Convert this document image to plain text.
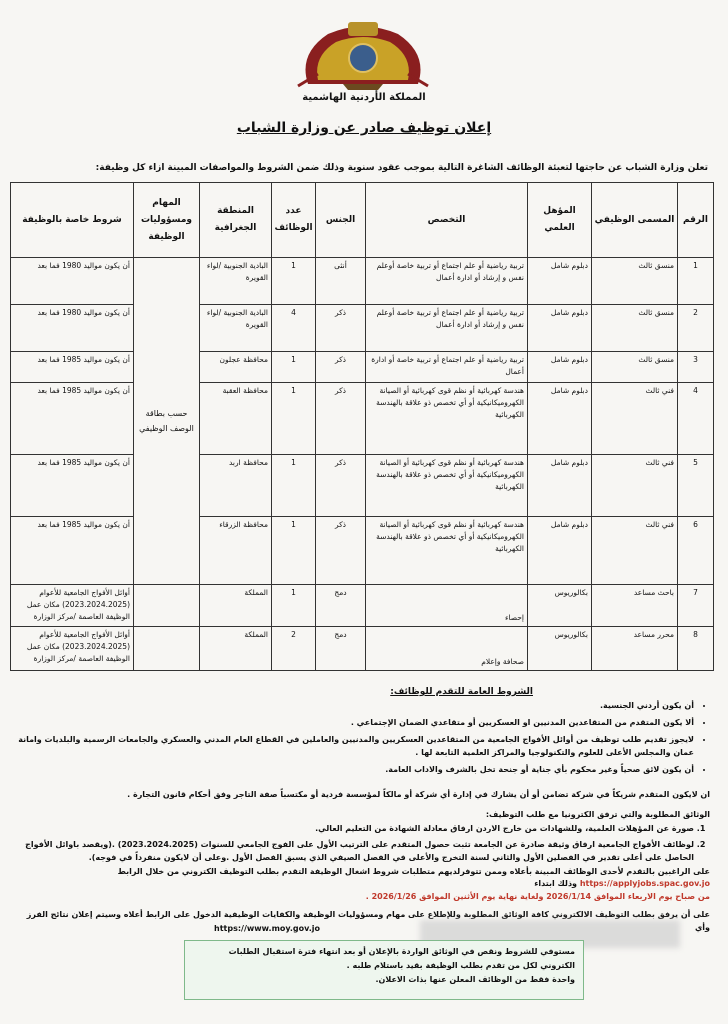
المملكة الأردنية الهاشمية
إعلان توظيف صادر عن وزارة الشباب
تعلن وزارة الشباب عن حاجتها لتعبئة الوظائف الشاغرة التالية بموجب عقود سنوية وذلك ضمن الشروط والمواصفات المبينة ازاء كل وظيفة:
الرقم	المسمى الوظيفي	المؤهل العلمي	التخصص	الجنس	عدد الوظائف	المنطقة الجغرافية	المهام ومسؤوليات الوظيفة	شروط خاصة بالوظيفة
1	منسق ثالث	دبلوم شامل	تربية رياضية أو علم اجتماع أو تربية خاصة أوعلم نفس و إرشاد أو ادارة أعمال	أنثى	1	البادية الجنوبية /لواء القويرة	حسب بطاقة الوصف الوظيفي	أن يكون مواليد 1980 فما بعد
2	منسق ثالث	دبلوم شامل	تربية رياضية أو علم اجتماع أو تربية خاصة أوعلم نفس و إرشاد أو ادارة أعمال	ذكر	4	البادية الجنوبية /لواء القويرة		أن يكون مواليد 1980 فما بعد
3	منسق ثالث	دبلوم شامل	تربية رياضية أو علم اجتماع أو تربية خاصة أو ادارة أعمال	ذكر	1	محافظة عجلون		أن يكون مواليد 1985 فما بعد
4	فني ثالث	دبلوم شامل	هندسة كهربائية أو نظم قوى كهربائية أو الصيانة الكهروميكانيكية أو أي تخصص ذو علاقة بالهندسة الكهربائية	ذكر	1	محافظة العقبة		أن يكون مواليد 1985 فما بعد
5	فني ثالث	دبلوم شامل	هندسة كهربائية أو نظم قوى كهربائية أو الصيانة الكهروميكانيكية أو أي تخصص ذو علاقة بالهندسة الكهربائية	ذكر	1	محافظة اربد		أن يكون مواليد 1985 فما بعد
6	فني ثالث	دبلوم شامل	هندسة كهربائية أو نظم قوى كهربائية أو الصيانة الكهروميكانيكية أو أي تخصص ذو علاقة بالهندسة الكهربائية	ذكر	1	محافظة الزرقاء		أن يكون مواليد 1985 فما بعد
7	باحث مساعد	بكالوريوس	إحصاء	دمج	1	المملكة		أوائل الأفواج الجامعية للأعوام (2023.2024.2025) مكان عمل الوظيفة العاصمة /مركز الوزارة
8	محرر مساعد	بكالوريوس	صحافة وإعلام	دمج	2	المملكة		أوائل الأفواج الجامعية للأعوام (2023.2024.2025) مكان عمل الوظيفة العاصمة /مركز الوزارة
الشروط العامة للتقدم للوظائف:
• أن يكون أردني الجنسية.
• ألا يكون المتقدم من المتقاعدين المدنيين او العسكريين أو متقاعدي الضمان الإجتماعي .
• لايجوز تقديم طلب توظيف من أوائل الأفواج الجامعية من المتقاعدين العسكريين والمدنيين والعاملين في القطاع العام المدني والعسكري والجامعات الرسمية والبلديات وامانة عمان والمجلس الأعلى للعلوم والتكنولوجيا والمراكز العلمية التابعة لها .
• أن يكون لائق صحياً وغير محكوم بأي جناية أو جنحة تخل بالشرف والاداب العامة.
ان لايكون المتقدم شريكاً في شركة تضامن أو أن يشارك في إدارة أي شركة أو مالكاً لمؤسسة فردية أو مكتسباً صفة التاجر وفق أحكام قانون التجارة .
الوثائق المطلوبة والتي ترفق الكترونيا مع طلب التوظيف:
1. صورة عن المؤهلات العلمية، وللشهادات من خارج الاردن ارفاق معادلة الشهادة من التعليم العالي.
2. لوظائف الأفواج الجامعية ارفاق وثيقة صادرة عن الجامعة تثبت حصول المتقدم على الترتيب الأول على الفوج الجامعي للسنوات (2023.2024.2025) .(ويقصد باوائل الأفواج الحاصل على أعلى تقدير في الفصلين الأول والثاني لسنة التخرج والأعلى في الفصل الصيفي الذي يسبق الفصل الأول .وعلى أن لايكون منفرداً في فوجه).
على الراغبين بالتقدم لأحدى الوظائف المبينة بأعلاه وممن تتوفرلديهم متطلبات شروط اشغال الوظيفة التقدم بطلب التوظيف الكتروني من خلال الرابط https://applyjobs.spac.gov.jo وذلك ابتداء
من صباح يوم الاربعاء الموافق 2026/1/14 ولغاية نهاية يوم الأثنين الموافق 2026/1/26 .
على أن يرفق بطلب التوظيف الالكتروني كافة الوثائق المطلوبة وللإطلاع على مهام ومسؤوليات الوظيفة والكفايات الوظيفية الدخول على الرابط أعلاه وسيتم إعلان نتائج الفرز وأي
https://www.moy.gov.jo
مستوفي للشروط ونقص في الوثائق الواردة بالإعلان أو بعد انتهاء فترة استقبال الطلبات
الكتروني لكل من تقدم بطلب الوظيفة بقيد باستلام طلبه .
واحدة فقط من الوظائف المعلن عنها بذات الاعلان.
